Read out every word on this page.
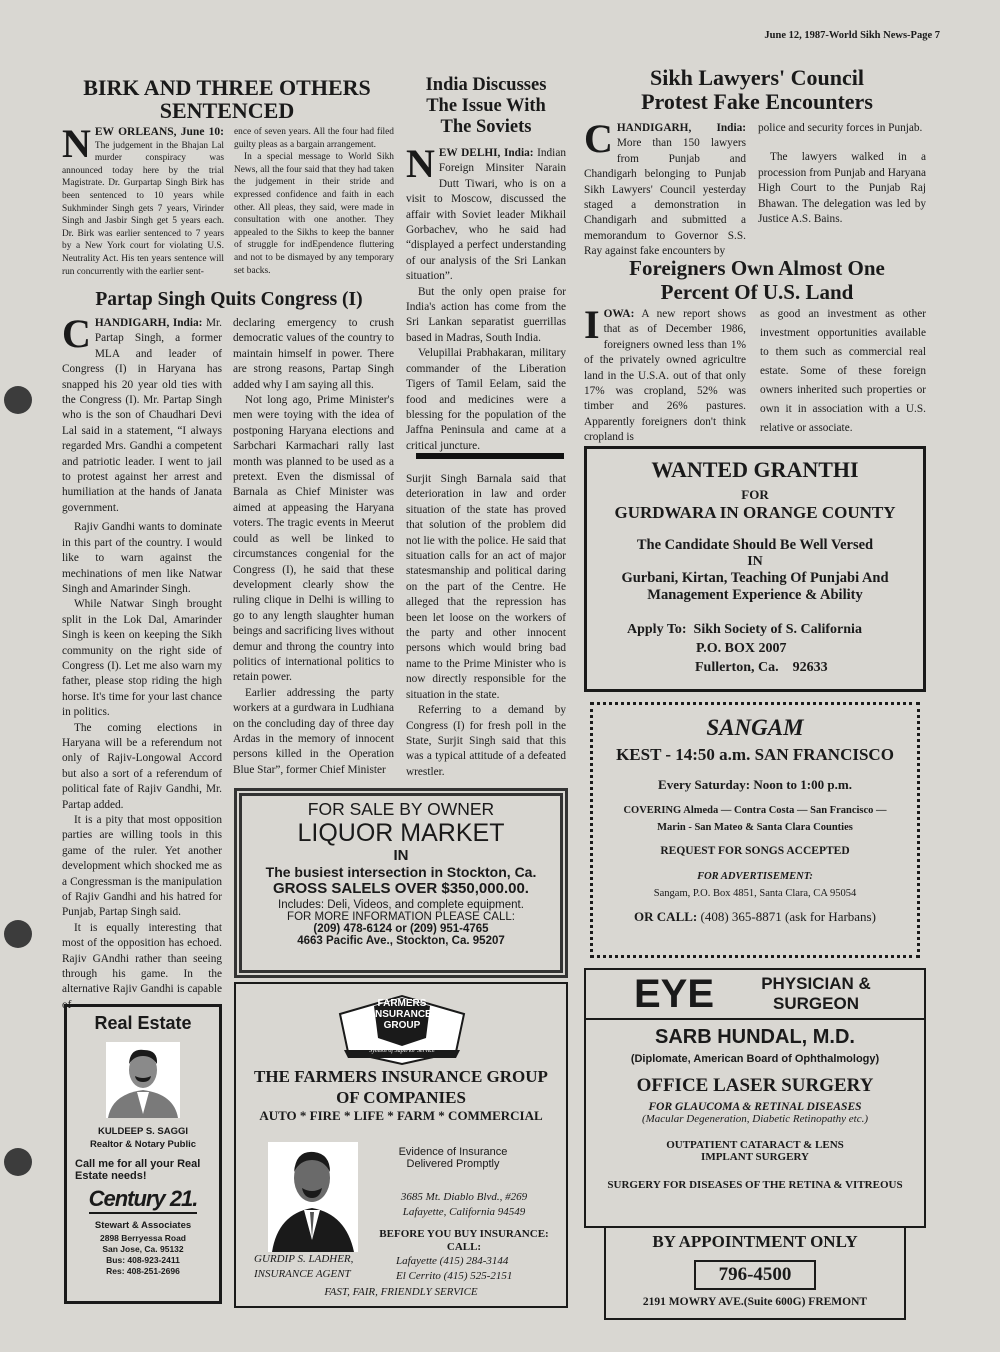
June 12, 1987-World Sikh News-Page 7
BIRK AND THREE OTHERS
SENTENCED
NEW ORLEANS, June 10: The judgement in the Bhajan Lal murder conspiracy was announced today here by the trial Magistrate. Dr. Gurpartap Singh Birk has been sentenced to 10 years while Sukhminder Singh gets 7 years, Virinder Singh and Jasbir Singh get 5 years each. Dr. Birk was earlier sentenced to 7 years by a New York court for violating U.S. Neutrality Act. His ten years sentence will run concurrently with the earlier sent-

ence of seven years. All the four had filed guilty pleas as a bargain arrangement.

In a special message to World Sikh News, all the four said that they had taken the judgement in their stride and expressed confidence and faith in each other. All pleas, they said, were made in consultation with one another. They appealed to the Sikhs to keep the banner of struggle for indEpendence fluttering and not to be dismayed by any temporary set backs.

Partap Singh Quits Congress (I)

CHANDIGARH, India: Mr. Partap Singh, a former MLA and leader of Congress (I) in Haryana has snapped his 20 year old ties with the Congress (I). Mr. Partap Singh who is the son of Chaudhari Devi Lal said in a statement, “I always regarded Mrs. Gandhi a competent and patriotic leader. I went to jail to protest against her arrest and humiliation at the hands of Janata government.

Rajiv Gandhi wants to dominate in this part of the country. I would like to warn against the mechinations of men like Natwar Singh and Amarinder Singh.

While Natwar Singh brought split in the Lok Dal, Amarinder Singh is keen on keeping the Sikh community on the right side of Congress (I). Let me also warn my father, please stop riding the high horse. It's time for your last chance in politics.

The coming elections in Haryana will be a referendum not only of Rajiv-Longowal Accord but also a sort of a referendum of political fate of Rajiv Gandhi, Mr. Partap added.

It is a pity that most opposition parties are willing tools in this game of the ruler. Yet another development which shocked me as a Congressman is the manipulation of Rajiv Gandhi and his hatred for Punjab, Partap Singh said.

It is equally interesting that most of the opposition has echoed. Rajiv GAndhi rather than seeing through his game. In the alternative Rajiv Gandhi is capable of

declaring emergency to crush democratic values of the country to maintain himself in power. There are strong reasons, Partap Singh added why I am saying all this.

Not long ago, Prime Minister's men were toying with the idea of postponing Haryana elections and Sarbchari Karmachari rally last month was planned to be used as a pretext. Even the dismissal of Barnala as Chief Minister was aimed at appeasing the Haryana voters. The tragic events in Meerut could as well be linked to circumstances congenial for the Congress (I), he said that these development clearly show the ruling clique in Delhi is willing to go to any length slaughter human beings and sacrificing lives without demur and throng the country into politics of international politics to retain power.

Earlier addressing the party workers at a gurdwara in Ludhiana on the concluding day of three day Ardas in the memory of innocent persons killed in the Operation Blue Star”, former Chief Minister

India Discusses
The Issue With
The Soviets

NEW DELHI, India: Indian Foreign Minsiter Narain Dutt Tiwari, who is on a visit to Moscow, discussed the affair with Soviet leader Mikhail Gorbachev, who he said had “displayed a perfect understanding of our analysis of the Sri Lankan situation”.

But the only open praise for India's action has come from the Sri Lankan separatist guerrillas based in Madras, South India.

Velupillai Prabhakaran, military commander of the Liberation Tigers of Tamil Eelam, said the food and medicines were a blessing for the population of the Jaffna Peninsula and came at a critical juncture.

Surjit Singh Barnala said that deterioration in law and order situation of the state has proved that solution of the problem did not lie with the police. He said that situation calls for an act of major statesmanship and political daring on the part of the Centre. He alleged that the repression has been let loose on the workers of the party and other innocent persons which would bring bad name to the Prime Minister who is now directly responsible for the situation in the state.

Referring to a demand by Congress (I) for fresh poll in the State, Surjit Singh said that this was a typical attitude of a defeated wrestler.

Sikh Lawyers' Council
Protest Fake Encounters

CHANDIGARH, India: More than 150 lawyers from Punjab and Chandigarh belonging to Punjab Sikh Lawyers' Council yesterday staged a demonstration in Chandigarh and submitted a memorandum to Governor S.S. Ray against fake encounters by

police and security forces in Punjab.

The lawyers walked in a procession from Punjab and Haryana High Court to the Punjab Raj Bhawan. The delegation was led by Justice A.S. Bains.

Foreigners Own Almost One
Percent Of U.S. Land

IOWA: A new report shows that as of December 1986, foreigners owned less than 1% of the privately owned agricultre land in the U.S.A. out of that only 17% was cropland, 52% was timber and 26% pastures. Apparently foreigners don't think cropland is

as good an investment as other investment opportunities available to them such as commercial real estate. Some of these foreign owners inherited such properties or own it in association with a U.S. relative or associate.

WANTED GRANTHI
FOR
GURDWARA IN ORANGE COUNTY
The Candidate Should Be Well Versed
IN
Gurbani, Kirtan, Teaching Of Punjabi And
Management Experience & Ability
Apply To: Sikh Society of S. California
P.O. BOX 2007
Fullerton, Ca. 92633
SANGAM
KEST - 14:50 a.m. SAN FRANCISCO
Every Saturday: Noon to 1:00 p.m.
COVERING Almeda — Contra Costa — San Francisco —
Marin - San Mateo & Santa Clara Counties
REQUEST FOR SONGS ACCEPTED
FOR ADVERTISEMENT:
Sangam, P.O. Box 4851, Santa Clara, CA 95054
OR CALL: (408) 365-8871 (ask for Harbans)
FOR SALE BY OWNER
LIQUOR MARKET
IN
The busiest intersection in Stockton, Ca.
GROSS SALELS OVER $350,000.00.
Includes: Deli, Videos, and complete equipment.
FOR MORE INFORMATION PLEASE CALL:
(209) 478-6124 or (209) 951-4765
4663 Pacific Ave., Stockton, Ca. 95207
FARMERS
INSURANCE
GROUP
Symbol of Superior Service
THE FARMERS INSURANCE GROUP
OF COMPANIES
AUTO * FIRE * LIFE * FARM * COMMERCIAL
Evidence of Insurance
Delivered Promptly
3685 Mt. Diablo Blvd., #269
Lafayette, California 94549
BEFORE YOU BUY INSURANCE:
CALL:
GURDIP S. LADHER,
INSURANCE AGENT
Lafayette (415) 284-3144
El Cerrito (415) 525-2151
FAST, FAIR, FRIENDLY SERVICE
Real Estate
KULDEEP S. SAGGI
Realtor & Notary Public
Call me for all your Real
Estate needs!
Century 21.
Stewart & Associates
2898 Berryessa Road
San Jose, Ca. 95132
Bus: 408-923-2411
Res: 408-251-2696
EYE	PHYSICIAN &
SURGEON
SARB HUNDAL, M.D.
(Diplomate, American Board of Ophthalmology)
OFFICE LASER SURGERY
FOR GLAUCOMA & RETINAL DISEASES
(Macular Degeneration, Diabetic Retinopathy etc.)
OUTPATIENT CATARACT & LENS
IMPLANT SURGERY
SURGERY FOR DISEASES OF THE RETINA & VITREOUS
BY APPOINTMENT ONLY
796-4500
2191 MOWRY AVE.(Suite 600G) FREMONT
